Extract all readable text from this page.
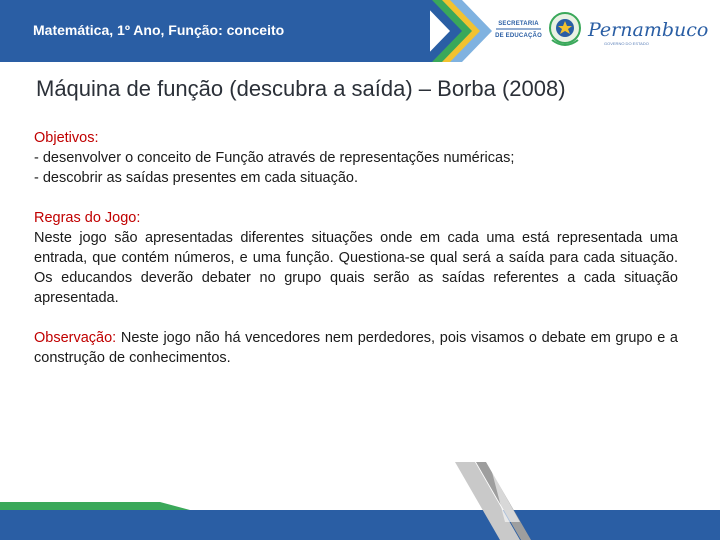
Matemática, 1º Ano, Função: conceito	SECRETARIA
DE EDUCAÇÃO Pernambuco
GOVERNO DO ESTADO
Máquina de função (descubra a saída) – Borba (2008)
Objetivos:
- desenvolver o conceito de Função através de representações numéricas;
- descobrir as saídas presentes em cada situação.
Regras do Jogo:
Neste jogo são apresentadas diferentes situações onde em cada uma está representada uma entrada, que contém números, e uma função. Questiona-se qual será a saída para cada situação. Os educandos deverão debater no grupo quais serão as saídas referentes a cada situação apresentada.
Observação: Neste jogo não há vencedores nem perdedores, pois visamos o debate em grupo e a construção de conhecimentos.
